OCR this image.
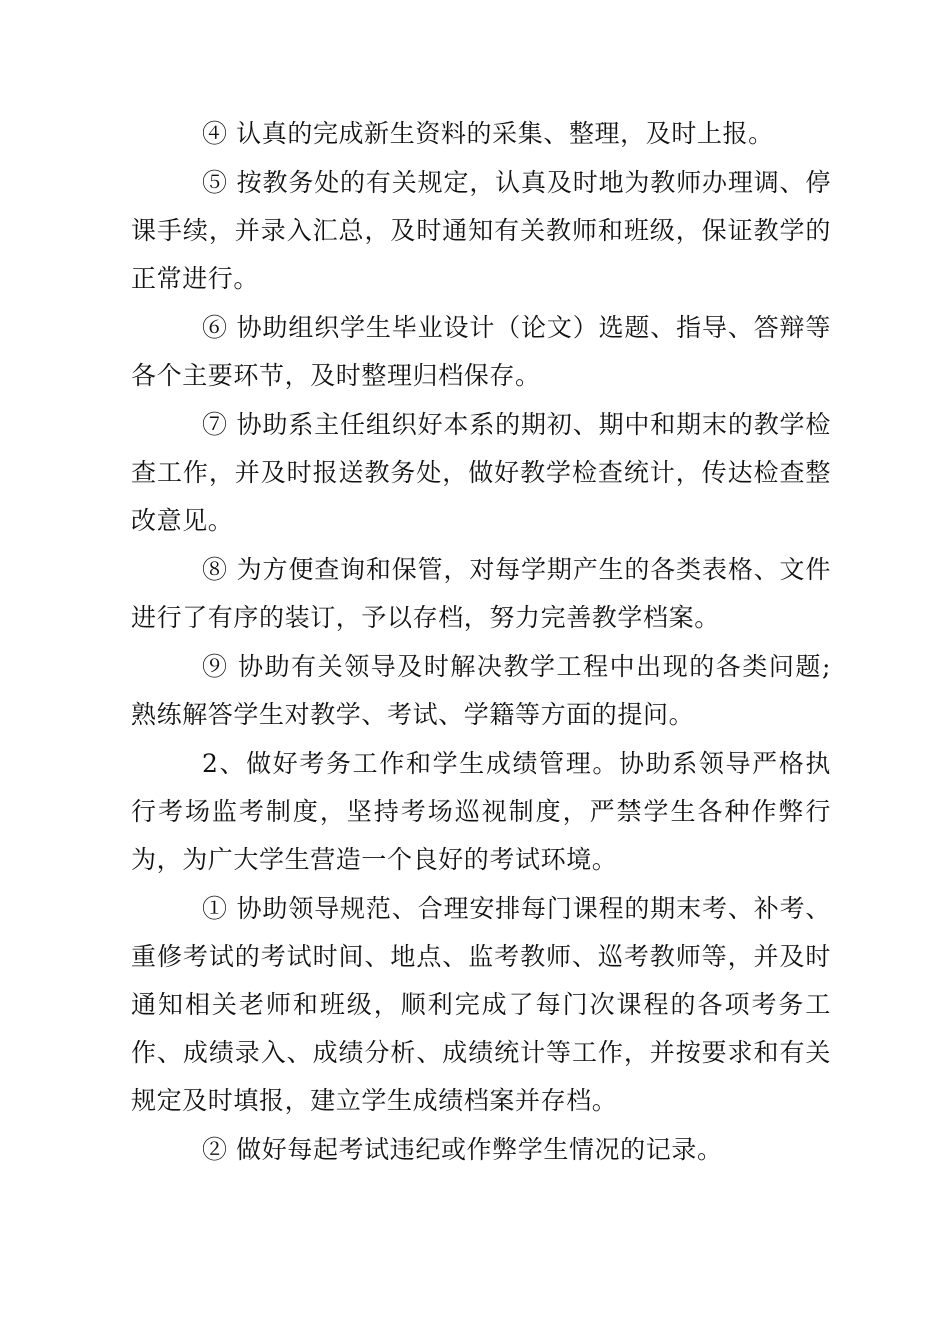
④ 认真的完成新生资料的采集、整理，及时上报。

⑤ 按教务处的有关规定，认真及时地为教师办理调、停课手续，并录入汇总，及时通知有关教师和班级，保证教学的正常进行。

⑥ 协助组织学生毕业设计（论文）选题、指导、答辩等各个主要环节，及时整理归档保存。

⑦ 协助系主任组织好本系的期初、期中和期末的教学检查工作，并及时报送教务处，做好教学检查统计，传达检查整改意见。

⑧ 为方便查询和保管，对每学期产生的各类表格、文件进行了有序的装订，予以存档，努力完善教学档案。

⑨ 协助有关领导及时解决教学工程中出现的各类问题;熟练解答学生对教学、考试、学籍等方面的提问。

2、做好考务工作和学生成绩管理。协助系领导严格执行考场监考制度，坚持考场巡视制度，严禁学生各种作弊行为，为广大学生营造一个良好的考试环境。

① 协助领导规范、合理安排每门课程的期末考、补考、重修考试的考试时间、地点、监考教师、巡考教师等，并及时通知相关老师和班级，顺利完成了每门次课程的各项考务工作、成绩录入、成绩分析、成绩统计等工作，并按要求和有关规定及时填报，建立学生成绩档案并存档。

② 做好每起考试违纪或作弊学生情况的记录。
